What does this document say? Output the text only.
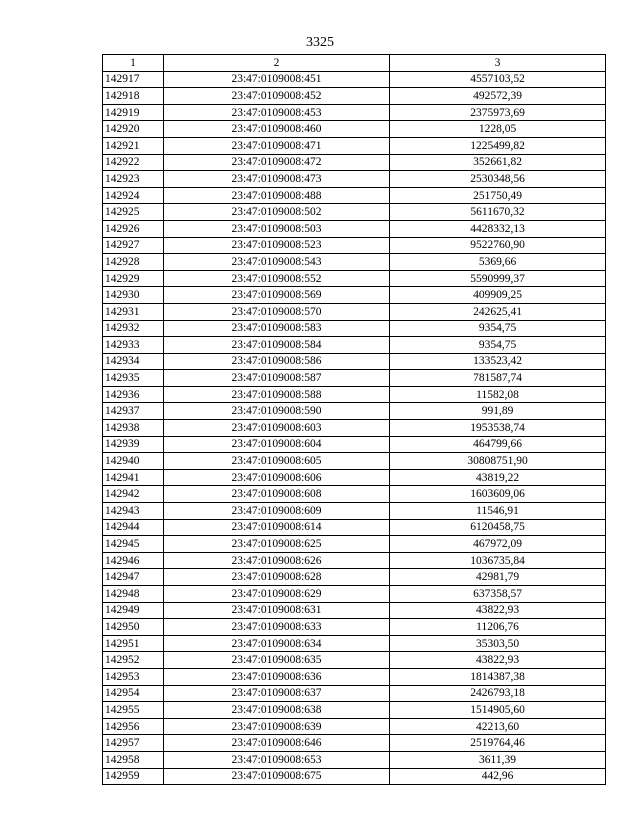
3325
1	2	3
142917	23:47:0109008:451	4557103,52
142918	23:47:0109008:452	492572,39
142919	23:47:0109008:453	2375973,69
142920	23:47:0109008:460	1228,05
142921	23:47:0109008:471	1225499,82
142922	23:47:0109008:472	352661,82
142923	23:47:0109008:473	2530348,56
142924	23:47:0109008:488	251750,49
142925	23:47:0109008:502	5611670,32
142926	23:47:0109008:503	4428332,13
142927	23:47:0109008:523	9522760,90
142928	23:47:0109008:543	5369,66
142929	23:47:0109008:552	5590999,37
142930	23:47:0109008:569	409909,25
142931	23:47:0109008:570	242625,41
142932	23:47:0109008:583	9354,75
142933	23:47:0109008:584	9354,75
142934	23:47:0109008:586	133523,42
142935	23:47:0109008:587	781587,74
142936	23:47:0109008:588	11582,08
142937	23:47:0109008:590	991,89
142938	23:47:0109008:603	1953538,74
142939	23:47:0109008:604	464799,66
142940	23:47:0109008:605	30808751,90
142941	23:47:0109008:606	43819,22
142942	23:47:0109008:608	1603609,06
142943	23:47:0109008:609	11546,91
142944	23:47:0109008:614	6120458,75
142945	23:47:0109008:625	467972,09
142946	23:47:0109008:626	1036735,84
142947	23:47:0109008:628	42981,79
142948	23:47:0109008:629	637358,57
142949	23:47:0109008:631	43822,93
142950	23:47:0109008:633	11206,76
142951	23:47:0109008:634	35303,50
142952	23:47:0109008:635	43822,93
142953	23:47:0109008:636	1814387,38
142954	23:47:0109008:637	2426793,18
142955	23:47:0109008:638	1514905,60
142956	23:47:0109008:639	42213,60
142957	23:47:0109008:646	2519764,46
142958	23:47:0109008:653	3611,39
142959	23:47:0109008:675	442,96
